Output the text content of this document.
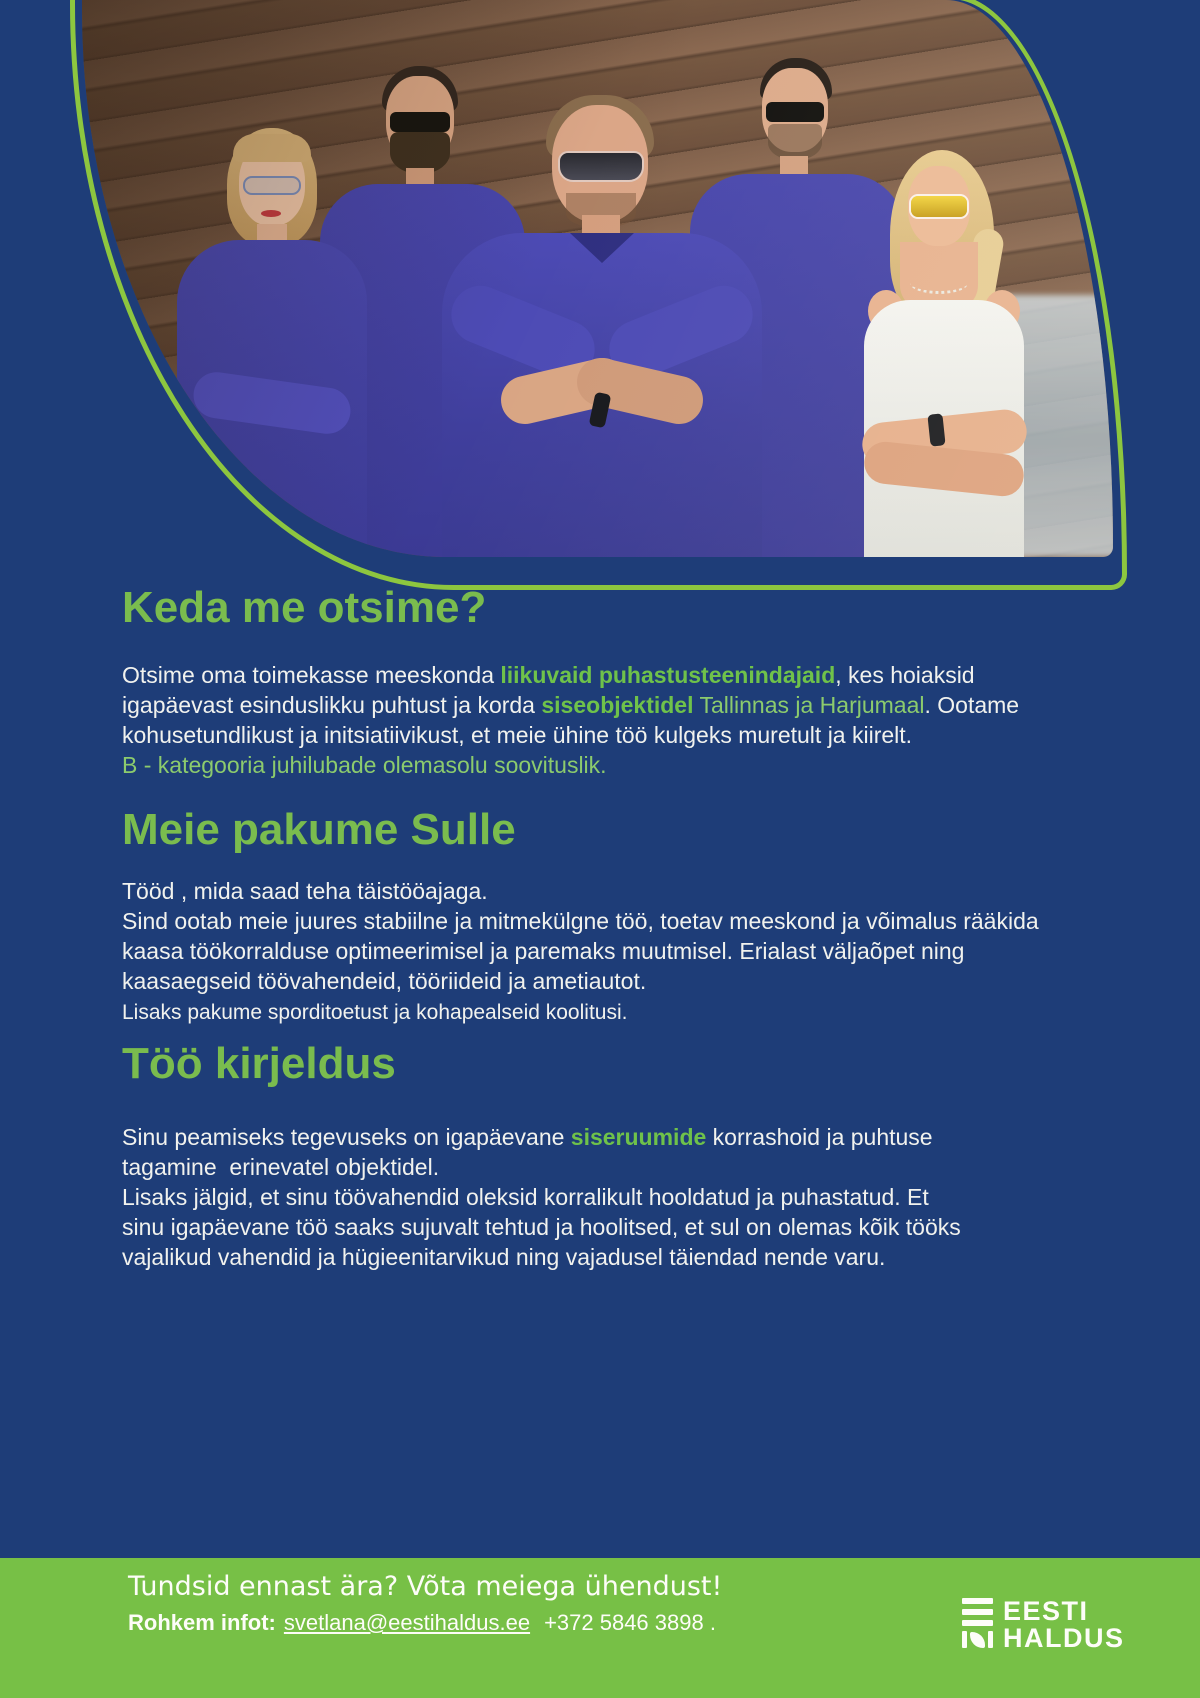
Keda me otsime?

Otsime oma toimekasse meeskonda liikuvaid puhastusteenindajaid, kes hoiaksid
igapäevast esinduslikku puhtust ja korda siseobjektidel Tallinnas ja Harjumaal. Ootame
kohusetundlikust ja initsiatiivikust, et meie ühine töö kulgeks muretult ja kiirelt.
B - kategooria juhilubade olemasolu soovituslik.

Meie pakume Sulle

Tööd , mida saad teha täistööajaga.
Sind ootab meie juures stabiilne ja mitmekülgne töö, toetav meeskond ja võimalus rääkida
kaasa töökorralduse optimeerimisel ja paremaks muutmisel. Erialast väljaõpet ning
kaasaegseid töövahendeid, tööriideid ja ametiautot.
Lisaks pakume sporditoetust ja kohapealseid koolitusi.

Töö kirjeldus

Sinu peamiseks tegevuseks on igapäevane siseruumide korrashoid ja puhtuse
tagamine  erinevatel objektidel.
Lisaks jälgid, et sinu töövahendid oleksid korralikult hooldatud ja puhastatud. Et
sinu igapäevane töö saaks sujuvalt tehtud ja hoolitsed, et sul on olemas kõik tööks
vajalikud vahendid ja hügieenitarvikud ning vajadusel täiendad nende varu.

Tundsid ennast ära? Võta meiega ühendust!
Rohkem infot: svetlana@eestihaldus.ee +372 5846 3898 .	EESTI
HALDUS
